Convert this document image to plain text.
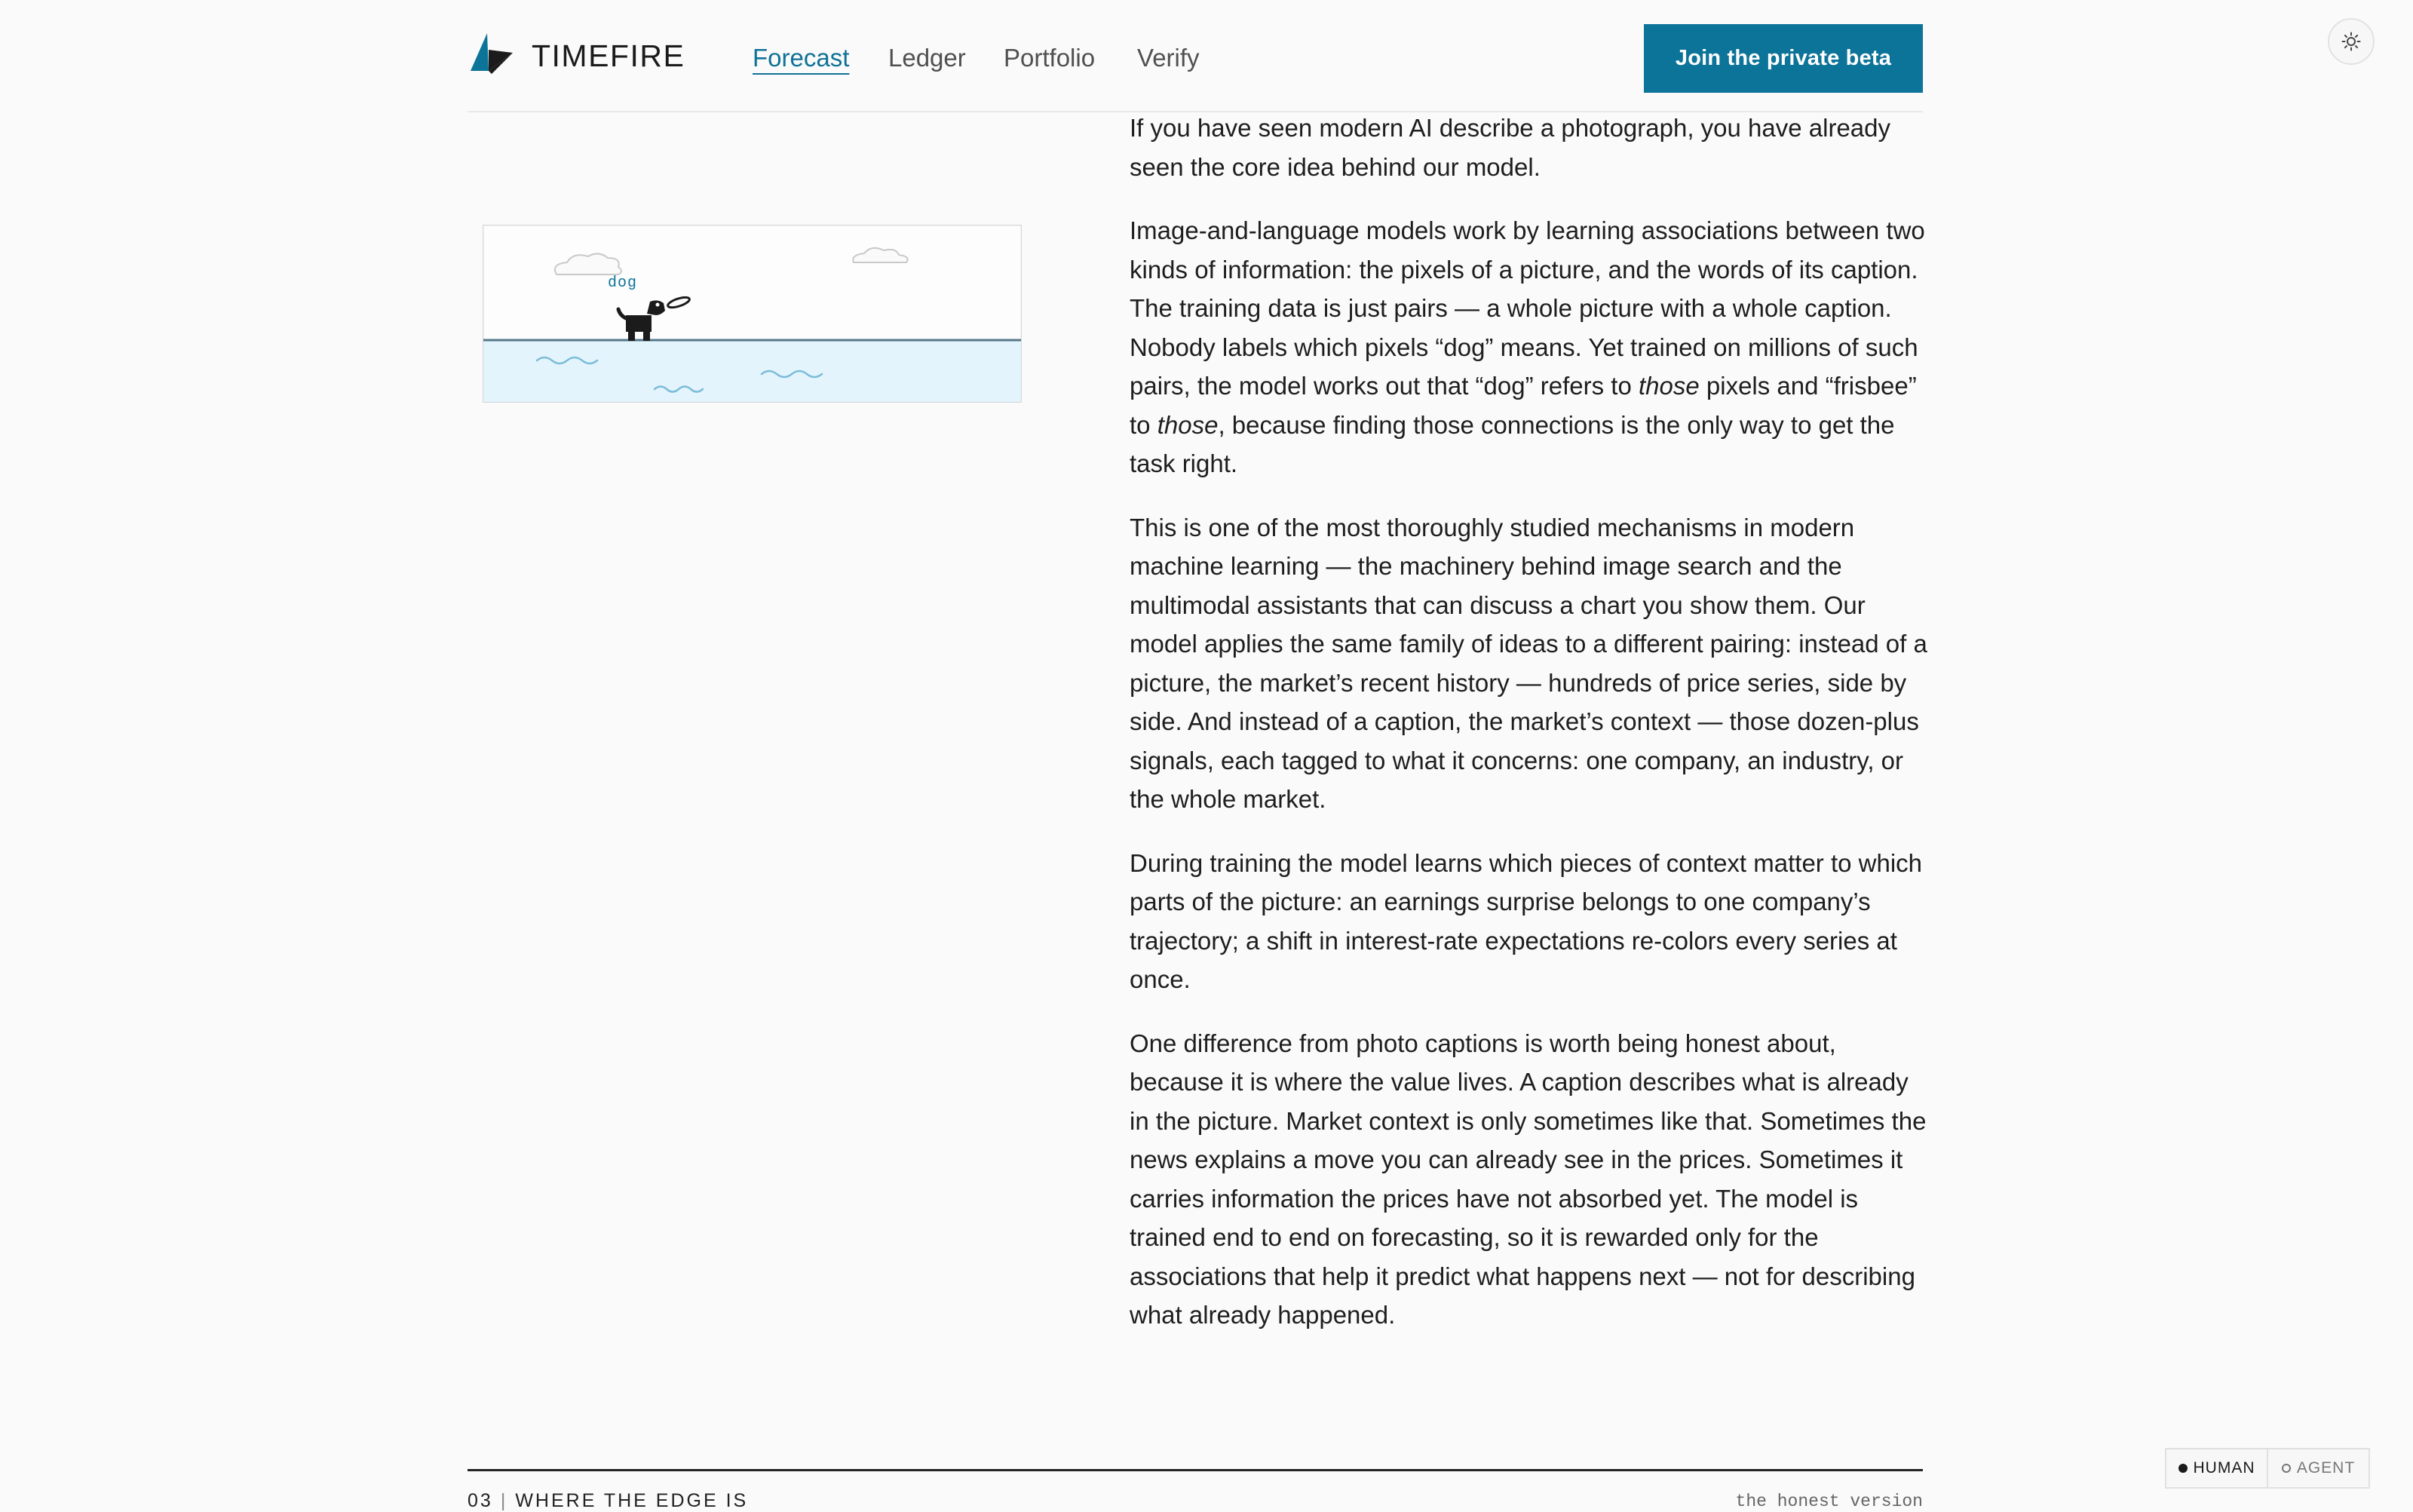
TIMEFIRE	Forecast Ledger Portfolio Verify	Join the private beta
dog

If you have seen modern AI describe a photograph, you have already seen the core idea behind our model.

Image-and-language models work by learning associations between two kinds of information: the pixels of a picture, and the words of its caption. The training data is just pairs — a whole picture with a whole caption. Nobody labels which pixels “dog” means. Yet trained on millions of such pairs, the model works out that “dog” refers to those pixels and “frisbee” to those, because finding those connections is the only way to get the task right.

This is one of the most thoroughly studied mechanisms in modern machine learning — the machinery behind image search and the multimodal assistants that can discuss a chart you show them. Our model applies the same family of ideas to a different pairing: instead of a picture, the market’s recent history — hundreds of price series, side by side. And instead of a caption, the market’s context — those dozen-plus signals, each tagged to what it concerns: one company, an industry, or the whole market.

During training the model learns which pieces of context matter to which parts of the picture: an earnings surprise belongs to one company’s trajectory; a shift in interest-rate expectations re-colors every series at once.

One difference from photo captions is worth being honest about, because it is where the value lives. A caption describes what is already in the picture. Market context is only sometimes like that. Sometimes the news explains a move you can already see in the prices. Sometimes it carries information the prices have not absorbed yet. The model is trained end to end on forecasting, so it is rewarded only for the associations that help it predict what happens next — not for describing what already happened.

03 | WHERE THE EDGE IS	the honest version
HUMAN	AGENT
